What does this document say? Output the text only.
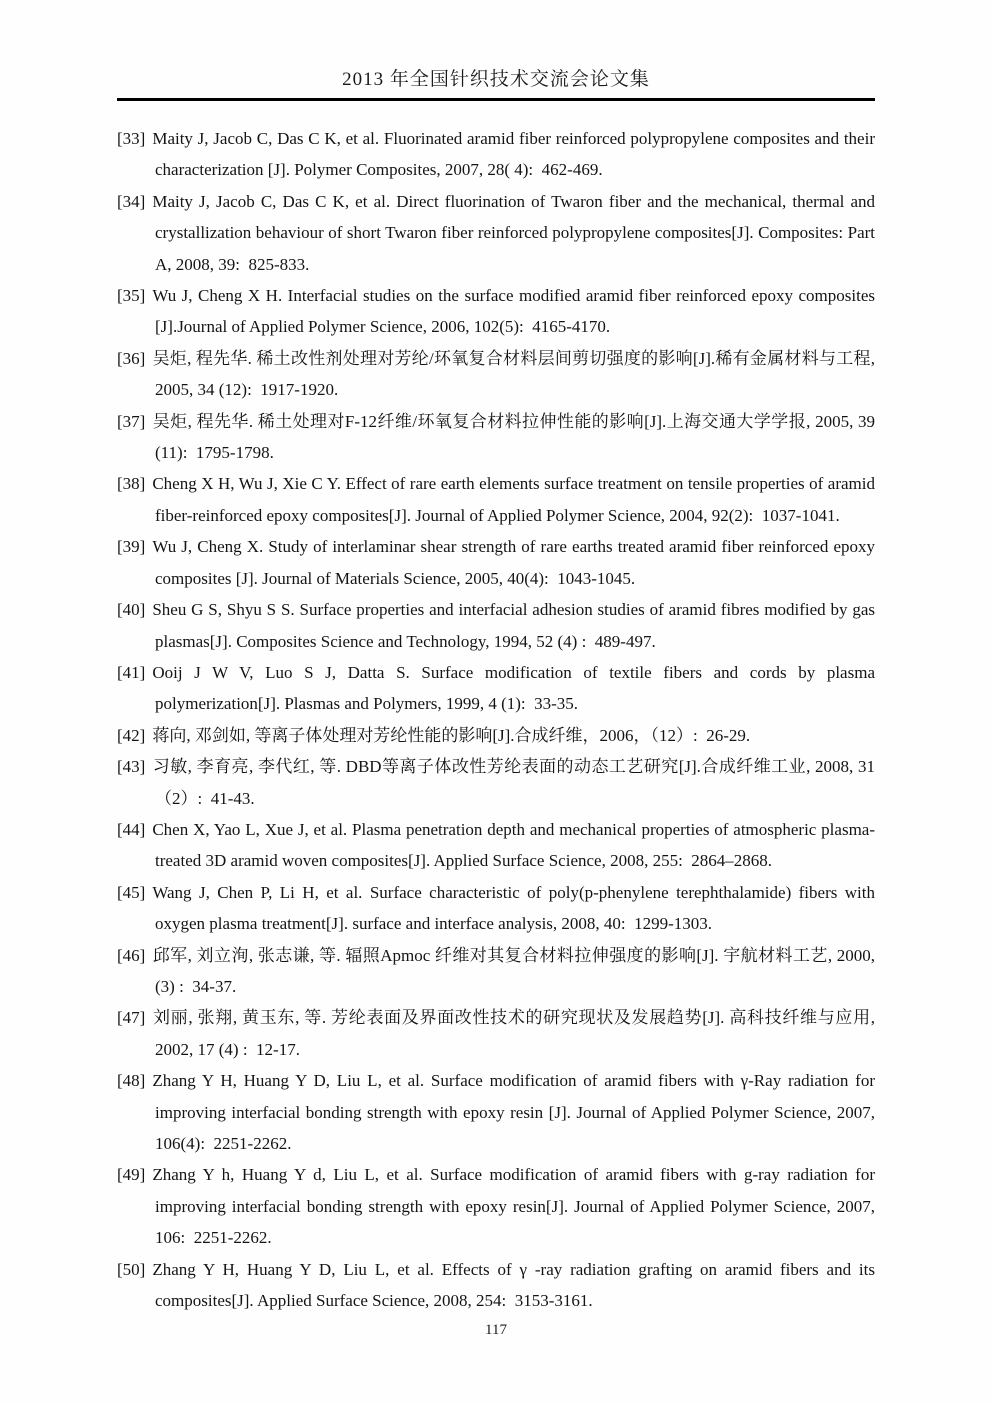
2013 年全国针织技术交流会论文集
[33] Maity J, Jacob C, Das C K, et al. Fluorinated aramid fiber reinforced polypropylene composites and their characterization [J]. Polymer Composites, 2007, 28( 4): 462-469.
[34] Maity J, Jacob C, Das C K, et al. Direct fluorination of Twaron fiber and the mechanical, thermal and crystallization behaviour of short Twaron fiber reinforced polypropylene composites[J]. Composites: Part A, 2008, 39: 825-833.
[35] Wu J, Cheng X H. Interfacial studies on the surface modified aramid fiber reinforced epoxy composites [J].Journal of Applied Polymer Science, 2006, 102(5): 4165-4170.
[36] 吴炬, 程先华. 稀土改性剂处理对芳纶/环氧复合材料层间剪切强度的影响[J].稀有金属材料与工程, 2005, 34 (12): 1917-1920.
[37] 吴炬, 程先华. 稀土处理对F-12纤维/环氧复合材料拉伸性能的影响[J].上海交通大学学报, 2005, 39 (11): 1795-1798.
[38] Cheng X H, Wu J, Xie C Y. Effect of rare earth elements surface treatment on tensile properties of aramid fiber-reinforced epoxy composites[J]. Journal of Applied Polymer Science, 2004, 92(2): 1037-1041.
[39] Wu J, Cheng X. Study of interlaminar shear strength of rare earths treated aramid fiber reinforced epoxy composites [J]. Journal of Materials Science, 2005, 40(4): 1043-1045.
[40] Sheu G S, Shyu S S. Surface properties and interfacial adhesion studies of aramid fibres modified by gas plasmas[J]. Composites Science and Technology, 1994, 52 (4) : 489-497.
[41] Ooij J W V, Luo S J, Datta S. Surface modification of textile fibers and cords by plasma polymerization[J]. Plasmas and Polymers, 1999, 4 (1): 33-35.
[42] 蒋向, 邓剑如, 等离子体处理对芳纶性能的影响[J].合成纤维，2006，（12）: 26-29.
[43] 习敏, 李育亮, 李代红, 等. DBD等离子体改性芳纶表面的动态工艺研究[J].合成纤维工业, 2008, 31（2）: 41-43.
[44] Chen X, Yao L, Xue J, et al. Plasma penetration depth and mechanical properties of atmospheric plasma-treated 3D aramid woven composites[J]. Applied Surface Science, 2008, 255: 2864–2868.
[45] Wang J, Chen P, Li H, et al. Surface characteristic of poly(p-phenylene terephthalamide) fibers with oxygen plasma treatment[J]. surface and interface analysis, 2008, 40: 1299-1303.
[46] 邱军, 刘立洵, 张志谦, 等. 辐照Apmoc 纤维对其复合材料拉伸强度的影响[J]. 宇航材料工艺, 2000, (3) : 34-37.
[47] 刘丽, 张翔, 黄玉东, 等. 芳纶表面及界面改性技术的研究现状及发展趋势[J]. 高科技纤维与应用, 2002, 17 (4) : 12-17.
[48] Zhang Y H, Huang Y D, Liu L, et al. Surface modification of aramid fibers with γ-Ray radiation for improving interfacial bonding strength with epoxy resin [J]. Journal of Applied Polymer Science, 2007, 106(4): 2251-2262.
[49] Zhang Y h, Huang Y d, Liu L, et al. Surface modification of aramid fibers with g-ray radiation for improving interfacial bonding strength with epoxy resin[J]. Journal of Applied Polymer Science, 2007, 106: 2251-2262.
[50] Zhang Y H, Huang Y D, Liu L, et al. Effects of γ -ray radiation grafting on aramid fibers and its composites[J]. Applied Surface Science, 2008, 254: 3153-3161.
117
